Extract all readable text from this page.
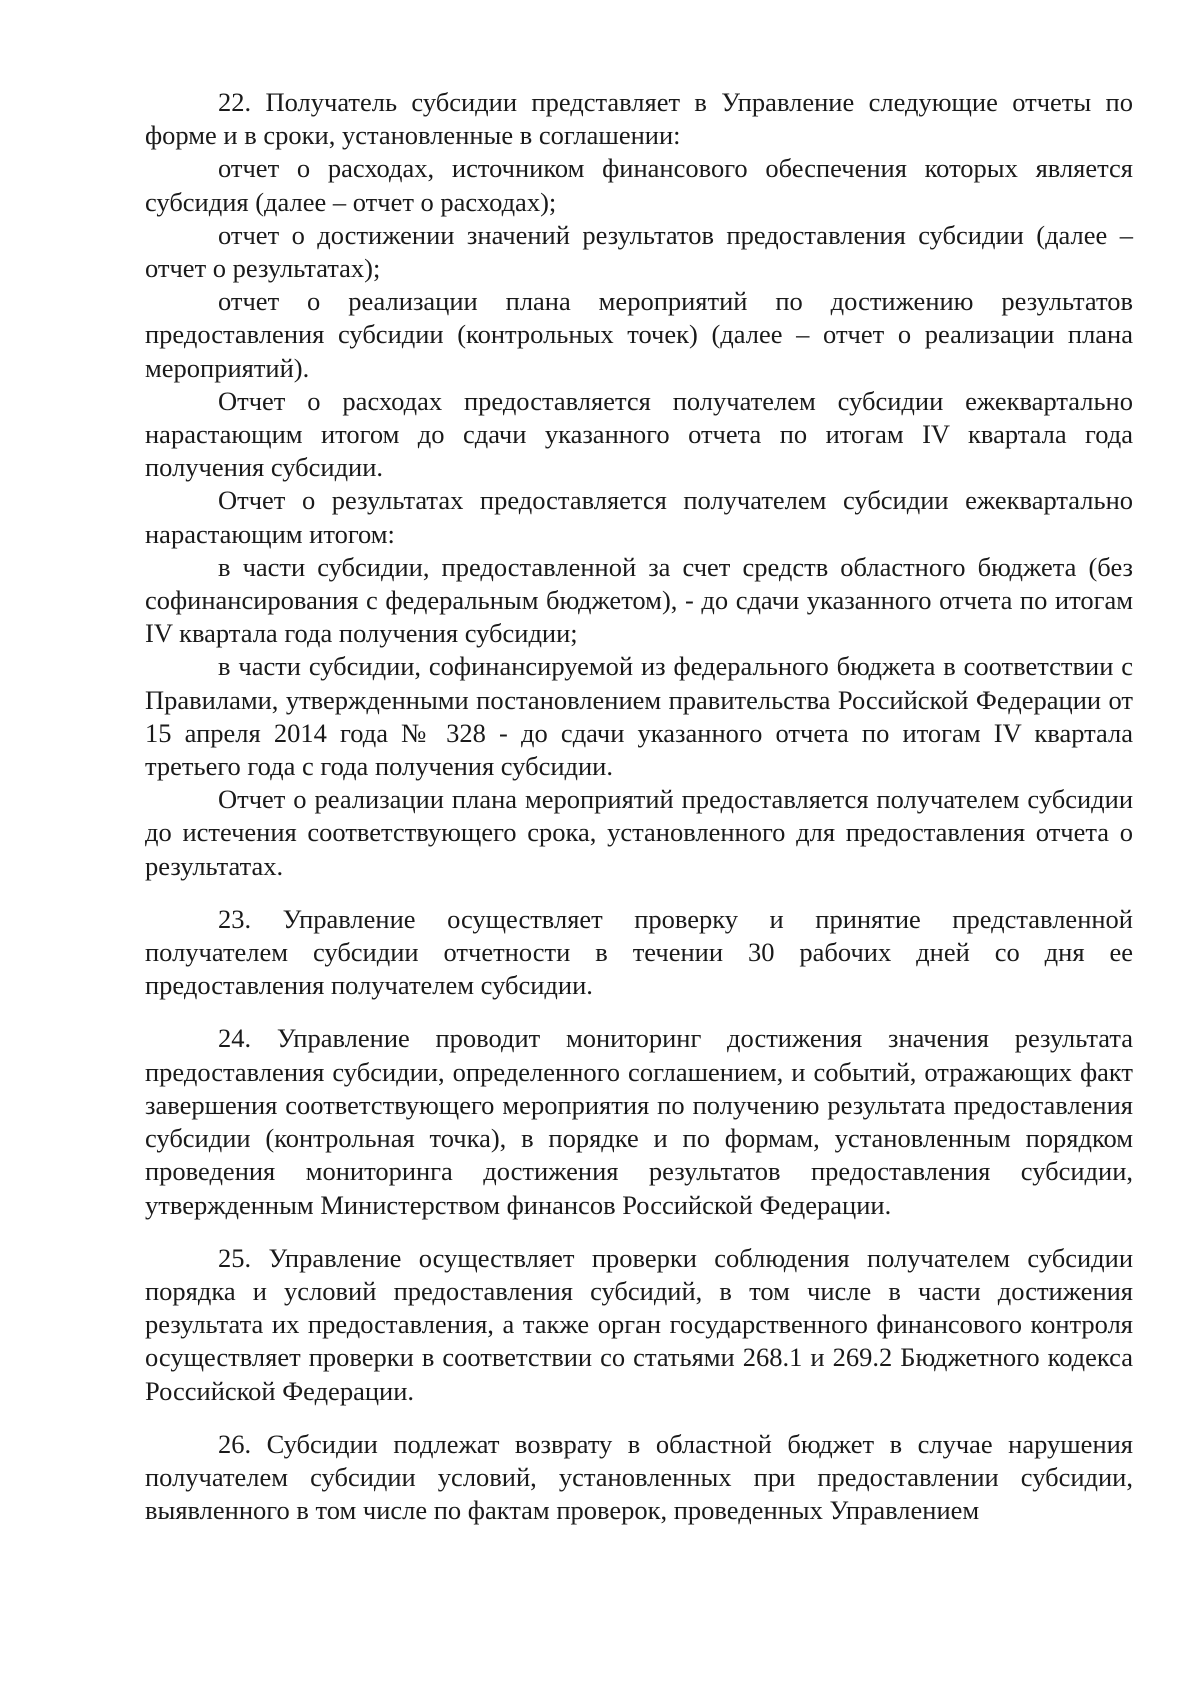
22. Получатель субсидии представляет в Управление следующие отчеты по форме и в сроки, установленные в соглашении:

отчет о расходах, источником финансового обеспечения которых является субсидия (далее – отчет о расходах);

отчет о достижении значений результатов предоставления субсидии (далее – отчет о результатах);

отчет о реализации плана мероприятий по достижению результатов предоставления субсидии (контрольных точек) (далее – отчет о реализации плана мероприятий).

Отчет о расходах предоставляется получателем субсидии ежеквартально нарастающим итогом до сдачи указанного отчета по итогам IV квартала года получения субсидии.

Отчет о результатах предоставляется получателем субсидии ежеквартально нарастающим итогом:

в части субсидии, предоставленной за счет средств областного бюджета (без софинансирования с федеральным бюджетом), - до сдачи указанного отчета по итогам IV квартала года получения субсидии;

в части субсидии, софинансируемой из федерального бюджета в соответствии с Правилами, утвержденными постановлением правительства Российской Федерации от 15 апреля 2014 года № 328 - до сдачи указанного отчета по итогам IV квартала третьего года с года получения субсидии.

Отчет о реализации плана мероприятий предоставляется получателем субсидии до истечения соответствующего срока, установленного для предоставления отчета о результатах.

23. Управление осуществляет проверку и принятие представленной получателем субсидии отчетности в течении 30 рабочих дней со дня ее предоставления получателем субсидии.

24. Управление проводит мониторинг достижения значения результата предоставления субсидии, определенного соглашением, и событий, отражающих факт завершения соответствующего мероприятия по получению результата предоставления субсидии (контрольная точка), в порядке и по формам, установленным порядком проведения мониторинга достижения результатов предоставления субсидии, утвержденным Министерством финансов Российской Федерации.

25. Управление осуществляет проверки соблюдения получателем субсидии порядка и условий предоставления субсидий, в том числе в части достижения результата их предоставления, а также орган государственного финансового контроля осуществляет проверки в соответствии со статьями 268.1 и 269.2 Бюджетного кодекса Российской Федерации.

26. Субсидии подлежат возврату в областной бюджет в случае нарушения получателем субсидии условий, установленных при предоставлении субсидии, выявленного в том числе по фактам проверок, проведенных Управлением
